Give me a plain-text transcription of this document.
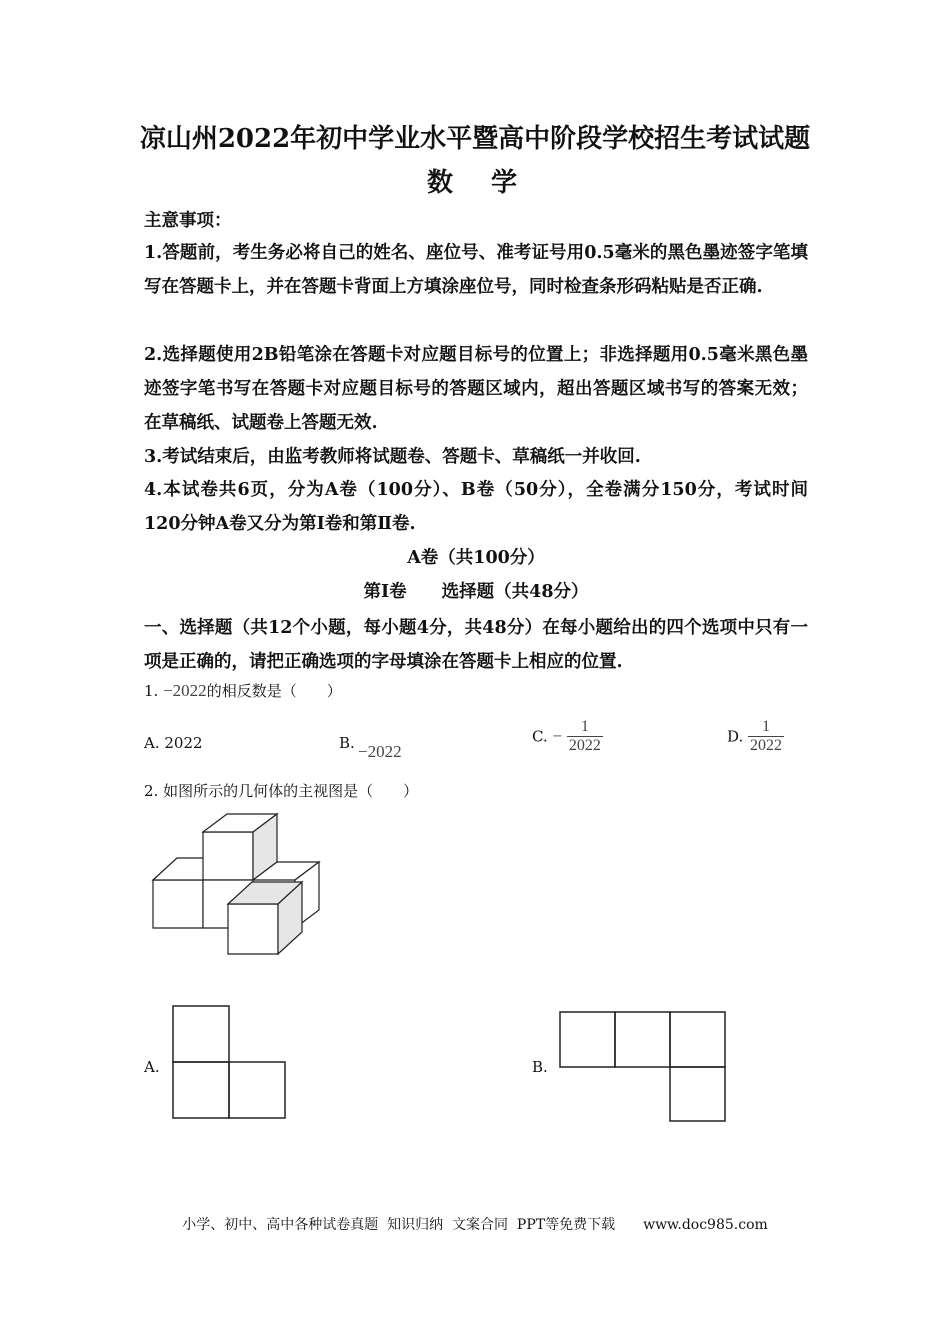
凉山州2022年初中学业水平暨高中阶段学校招生考试试题
数　学
主意事项：
1.答题前，考生务必将自己的姓名、座位号、准考证号用0.5毫米的黑色墨迹签字笔填写在答题卡上，并在答题卡背面上方填涂座位号，同时检查条形码粘贴是否正确.
2.选择题使用2B铅笔涂在答题卡对应题目标号的位置上；非选择题用0.5毫米黑色墨迹签字笔书写在答题卡对应题目标号的答题区域内，超出答题区域书写的答案无效；在草稿纸、试题卷上答题无效.
3.考试结束后，由监考教师将试题卷、答题卡、草稿纸一并收回.
4.本试卷共6页，分为A卷（100分）、B卷（50分），全卷满分150分，考试时间120分钟A卷又分为第Ⅰ卷和第Ⅱ卷.
A卷（共100分）
第Ⅰ卷　　选择题（共48分）
一、选择题（共12个小题，每小题4分，共48分）在每小题给出的四个选项中只有一项是正确的，请把正确选项的字母填涂在答题卡上相应的位置.
1. −2022的相反数是（　　）
A. 2022	B. −2022
C. − $\frac{1}{2022}$	D. $\frac{1}{2022}$
2. 如图所示的几何体的主视图是（　　）
A.	B.
小学、初中、高中各种试卷真题  知识归纳  文案合同  PPT等免费下载　　www.doc985.com
